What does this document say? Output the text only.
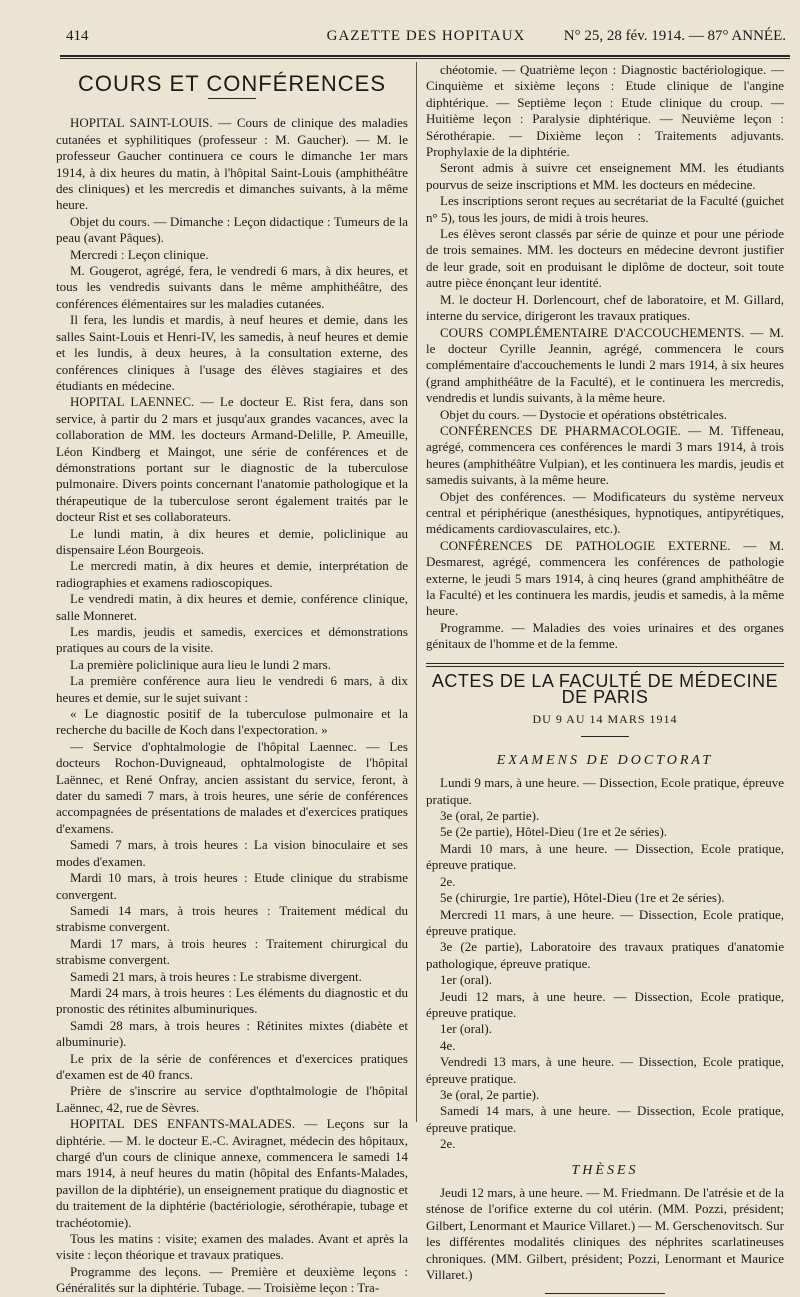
414	GAZETTE DES HOPITAUX	N° 25, 28 fév. 1914. — 87° ANNÉE.
COURS ET CONFÉRENCES

HOPITAL SAINT-LOUIS. — Cours de clinique des maladies cutanées et syphilitiques (professeur : M. Gaucher). — M. le professeur Gaucher continuera ce cours le dimanche 1er mars 1914, à dix heures du matin, à l'hôpital Saint-Louis (amphithéâtre des cliniques) et les mercredis et dimanches suivants, à la même heure.

Objet du cours. — Dimanche : Leçon didactique : Tumeurs de la peau (avant Pâques).

Mercredi : Leçon clinique.

M. Gougerot, agrégé, fera, le vendredi 6 mars, à dix heures, et tous les vendredis suivants dans le même amphithéâtre, des conférences élémentaires sur les maladies cutanées.

Il fera, les lundis et mardis, à neuf heures et demie, dans les salles Saint-Louis et Henri-IV, les samedis, à neuf heures et demie et les lundis, à deux heures, à la consultation externe, des conférences cliniques à l'usage des élèves stagiaires et des étudiants en médecine.

HOPITAL LAENNEC. — Le docteur E. Rist fera, dans son service, à partir du 2 mars et jusqu'aux grandes vacances, avec la collaboration de MM. les docteurs Armand-Delille, P. Ameuille, Léon Kindberg et Maingot, une série de conférences et de démonstrations portant sur le diagnostic de la tuberculose pulmonaire. Divers points concernant l'anatomie pathologique et la thérapeutique de la tuberculose seront également traités par le docteur Rist et ses collaborateurs.

Le lundi matin, à dix heures et demie, policlinique au dispensaire Léon Bourgeois.

Le mercredi matin, à dix heures et demie, interprétation de radiographies et examens radioscopiques.

Le vendredi matin, à dix heures et demie, conférence clinique, salle Monneret.

Les mardis, jeudis et samedis, exercices et démonstrations pratiques au cours de la visite.

La première policlinique aura lieu le lundi 2 mars.

La première conférence aura lieu le vendredi 6 mars, à dix heures et demie, sur le sujet suivant :

« Le diagnostic positif de la tuberculose pulmonaire et la recherche du bacille de Koch dans l'expectoration. »

— Service d'ophtalmologie de l'hôpital Laennec. — Les docteurs Rochon-Duvigneaud, ophtalmologiste de l'hôpital Laënnec, et René Onfray, ancien assistant du service, feront, à dater du samedi 7 mars, à trois heures, une série de conférences accompagnées de présentations de malades et d'exercices pratiques d'examens.

Samedi 7 mars, à trois heures : La vision binoculaire et ses modes d'examen.

Mardi 10 mars, à trois heures : Etude clinique du strabisme convergent.

Samedi 14 mars, à trois heures : Traitement médical du strabisme convergent.

Mardi 17 mars, à trois heures : Traitement chirurgical du strabisme convergent.

Samedi 21 mars, à trois heures : Le strabisme divergent.

Mardi 24 mars, à trois heures : Les éléments du diagnostic et du pronostic des rétinites albuminuriques.

Samdi 28 mars, à trois heures : Rétinites mixtes (diabète et albuminurie).

Le prix de la série de conférences et d'exercices pratiques d'examen est de 40 francs.

Prière de s'inscrire au service d'opthtalmologie de l'hôpital Laënnec, 42, rue de Sèvres.

HOPITAL DES ENFANTS-MALADES. — Leçons sur la diphtérie. — M. le docteur E.-C. Aviragnet, médecin des hôpitaux, chargé d'un cours de clinique annexe, commencera le samedi 14 mars 1914, à neuf heures du matin (hôpital des Enfants-Malades, pavillon de la diphtérie), un enseignement pratique du diagnostic et du traitement de la diphtérie (bactériologie, sérothérapie, tubage et trachéotomie).

Tous les matins : visite; examen des malades. Avant et après la visite : leçon théorique et travaux pratiques.

Programme des leçons. — Première et deuxième leçons : Généralités sur la diphtérie. Tubage. — Troisième leçon : Tra-

chéotomie. — Quatrième leçon : Diagnostic bactériologique. — Cinquième et sixième leçons : Etude clinique de l'angine diphtérique. — Septième leçon : Etude clinique du croup. — Huitième leçon : Paralysie diphtérique. — Neuvième leçon : Sérothérapie. — Dixième leçon : Traitements adjuvants. Prophylaxie de la diphtérie.

Seront admis à suivre cet enseignement MM. les étudiants pourvus de seize inscriptions et MM. les docteurs en médecine.

Les inscriptions seront reçues au secrétariat de la Faculté (guichet n° 5), tous les jours, de midi à trois heures.

Les élèves seront classés par série de quinze et pour une période de trois semaines. MM. les docteurs en médecine devront justifier de leur grade, soit en produisant le diplôme de docteur, soit toute autre pièce énonçant leur identité.

M. le docteur H. Dorlencourt, chef de laboratoire, et M. Gillard, interne du service, dirigeront les travaux pratiques.

COURS COMPLÉMENTAIRE D'ACCOUCHEMENTS. — M. le docteur Cyrille Jeannin, agrégé, commencera le cours complémentaire d'accouchements le lundi 2 mars 1914, à six heures (grand amphithéâtre de la Faculté), et le continuera les mercredis, vendredis et lundis suivants, à la même heure.

Objet du cours. — Dystocie et opérations obstétricales.

CONFÉRENCES DE PHARMACOLOGIE. — M. Tiffeneau, agrégé, commencera ces conférences le mardi 3 mars 1914, à trois heures (amphithéâtre Vulpian), et les continuera les mardis, jeudis et samedis suivants, à la même heure.

Objet des conférences. — Modificateurs du système nerveux central et périphérique (anesthésiques, hypnotiques, antipyrétiques, médicaments cardiovasculaires, etc.).

CONFÉRENCES DE PATHOLOGIE EXTERNE. — M. Desmarest, agrégé, commencera les conférences de pathologie externe, le jeudi 5 mars 1914, à cinq heures (grand amphithéâtre de la Faculté) et les continuera les mardis, jeudis et samedis, à la même heure.

Programme. — Maladies des voies urinaires et des organes génitaux de l'homme et de la femme.

ACTES DE LA FACULTÉ DE MÉDECINE DE PARIS
DU 9 AU 14 MARS 1914
EXAMENS DE DOCTORAT

Lundi 9 mars, à une heure. — Dissection, Ecole pratique, épreuve pratique.

3e (oral, 2e partie).

5e (2e partie), Hôtel-Dieu (1re et 2e séries).

Mardi 10 mars, à une heure. — Dissection, Ecole pratique, épreuve pratique.

2e.

5e (chirurgie, 1re partie), Hôtel-Dieu (1re et 2e séries).

Mercredi 11 mars, à une heure. — Dissection, Ecole pratique, épreuve pratique.

3e (2e partie), Laboratoire des travaux pratiques d'anatomie pathologique, épreuve pratique.

1er (oral).

Jeudi 12 mars, à une heure. — Dissection, Ecole pratique, épreuve pratique.

1er (oral).

4e.

Vendredi 13 mars, à une heure. — Dissection, Ecole pratique, épreuve pratique.

3e (oral, 2e partie).

Samedi 14 mars, à une heure. — Dissection, Ecole pratique, épreuve pratique.

2e.

THÈSES

Jeudi 12 mars, à une heure. — M. Friedmann. De l'atrésie et de la sténose de l'orifice externe du col utérin. (MM. Pozzi, président; Gilbert, Lenormant et Maurice Villaret.) — M. Gerschenovitsch. Sur les différentes modalités cliniques des néphrites scarlatineuses chroniques. (MM. Gilbert, président; Pozzi, Lenormant et Maurice Villaret.)
